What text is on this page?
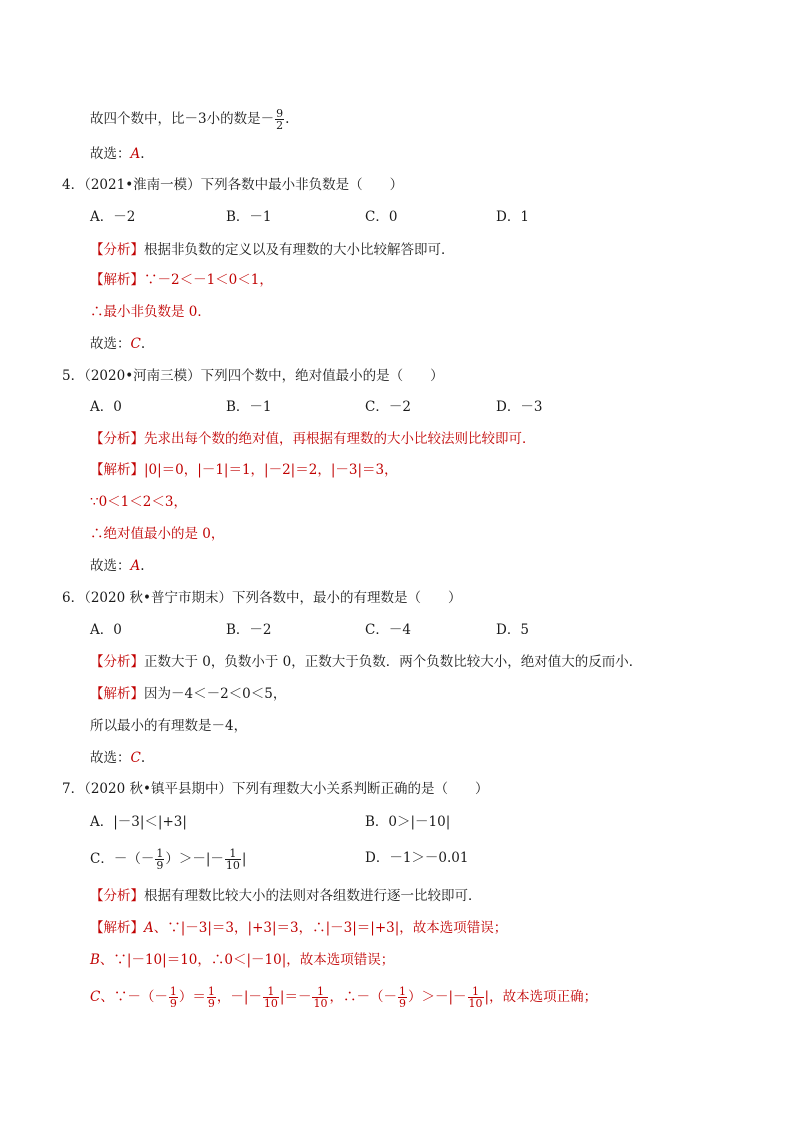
故四个数中，比－3小的数是－ $\frac{9}{2}$ .
故选：A.
4．（2021•淮南一模）下列各数中最小非负数是（　　）
A．－2	B．－1	C．0	D．1
【分析】根据非负数的定义以及有理数的大小比较解答即可．
【解析】∵－2＜－1＜0＜1，
∴最小非负数是 0．
故选：C.
5．（2020•河南三模）下列四个数中，绝对值最小的是（　　）
A．0	B．－1	C．－2	D．－3
【分析】先求出每个数的绝对值，再根据有理数的大小比较法则比较即可．
【解析】|0|＝0，|－1|＝1，|－2|＝2，|－3|＝3，
∵0＜1＜2＜3，
∴绝对值最小的是 0，
故选：A.
6．（2020 秋•普宁市期末）下列各数中，最小的有理数是（　　）
A．0	B．－2	C．－4	D．5
【分析】正数大于 0，负数小于 0，正数大于负数．两个负数比较大小，绝对值大的反而小．
【解析】因为－4＜－2＜0＜5，
所以最小的有理数是－4，
故选：C.
7．（2020 秋•镇平县期中）下列有理数大小关系判断正确的是（　　）
A．|－3|＜|+3|	B．0＞|－10|
C．－（－ $\frac{1}{9}$ ）＞－|－ $\frac{1}{10}$ |	D．－1＞－0.01
【分析】根据有理数比较大小的法则对各组数进行逐一比较即可．
【解析】A、∵|－3|＝3，|+3|＝3，∴|－3|＝|+3|，故本选项错误；
B、∵|－10|＝10，∴0＜|－10|，故本选项错误；
C、∵－（－ $\frac{1}{9}$ ）＝ $\frac{1}{9}$ ，－|－ $\frac{1}{10}$ |＝－ $\frac{1}{10}$ ，∴－（－ $\frac{1}{9}$ ）＞－|－ $\frac{1}{10}$ |，故本选项正确；
